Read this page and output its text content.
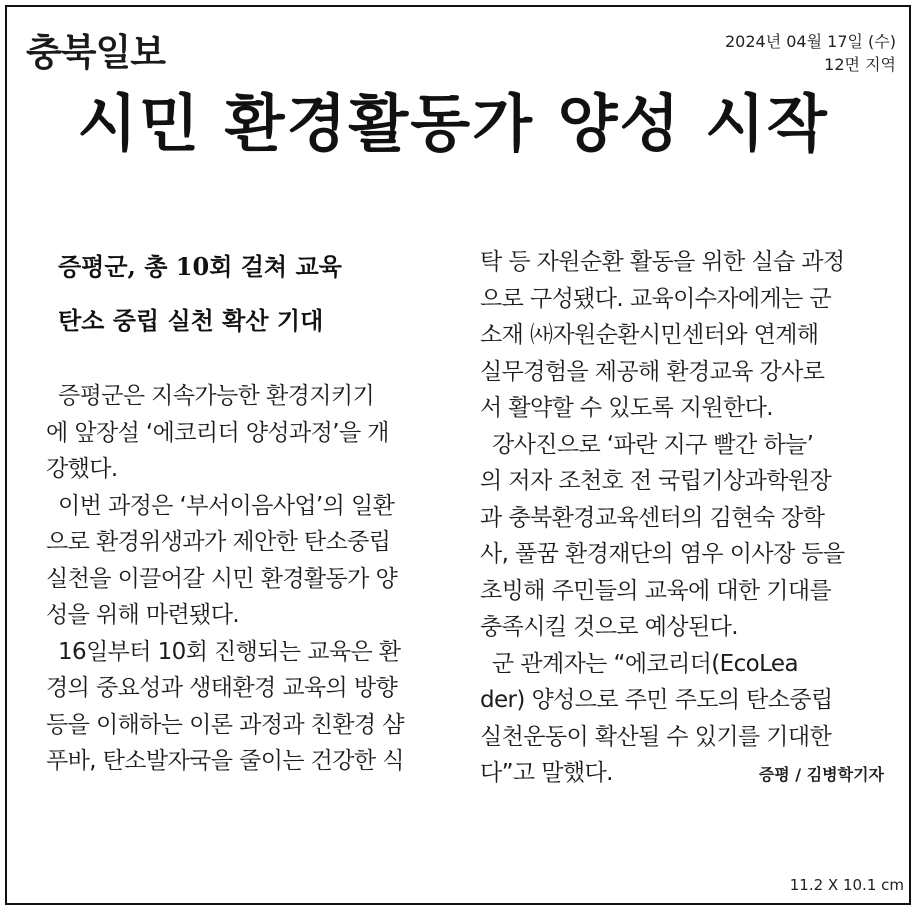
충북일보	2024년 04월 17일 (수)
12면 지역
시민 환경활동가 양성 시작
증평군, 총 10회 걸쳐 교육
탄소 중립 실천 확산 기대
증평군은 지속가능한 환경지키기
에 앞장설 ‘에코리더 양성과정’을 개
강했다.
이번 과정은 ‘부서이음사업’의 일환
으로 환경위생과가 제안한 탄소중립
실천을 이끌어갈 시민 환경활동가 양
성을 위해 마련됐다.
16일부터 10회 진행되는 교육은 환
경의 중요성과 생태환경 교육의 방향
등을 이해하는 이론 과정과 친환경 샴
푸바, 탄소발자국을 줄이는 건강한 식
탁 등 자원순환 활동을 위한 실습 과정
으로 구성됐다. 교육이수자에게는 군
소재 ㈔자원순환시민센터와 연계해
실무경험을 제공해 환경교육 강사로
서 활약할 수 있도록 지원한다.
강사진으로 ‘파란 지구 빨간 하늘’
의 저자 조천호 전 국립기상과학원장
과 충북환경교육센터의 김현숙 장학
사, 풀꿈 환경재단의 염우 이사장 등을
초빙해 주민들의 교육에 대한 기대를
충족시킬 것으로 예상된다.
군 관계자는 “에코리더(EcoLea
der) 양성으로 주민 주도의 탄소중립
실천운동이 확산될 수 있기를 기대한
다”고 말했다.	증평 / 김병학기자
11.2 X 10.1 cm
